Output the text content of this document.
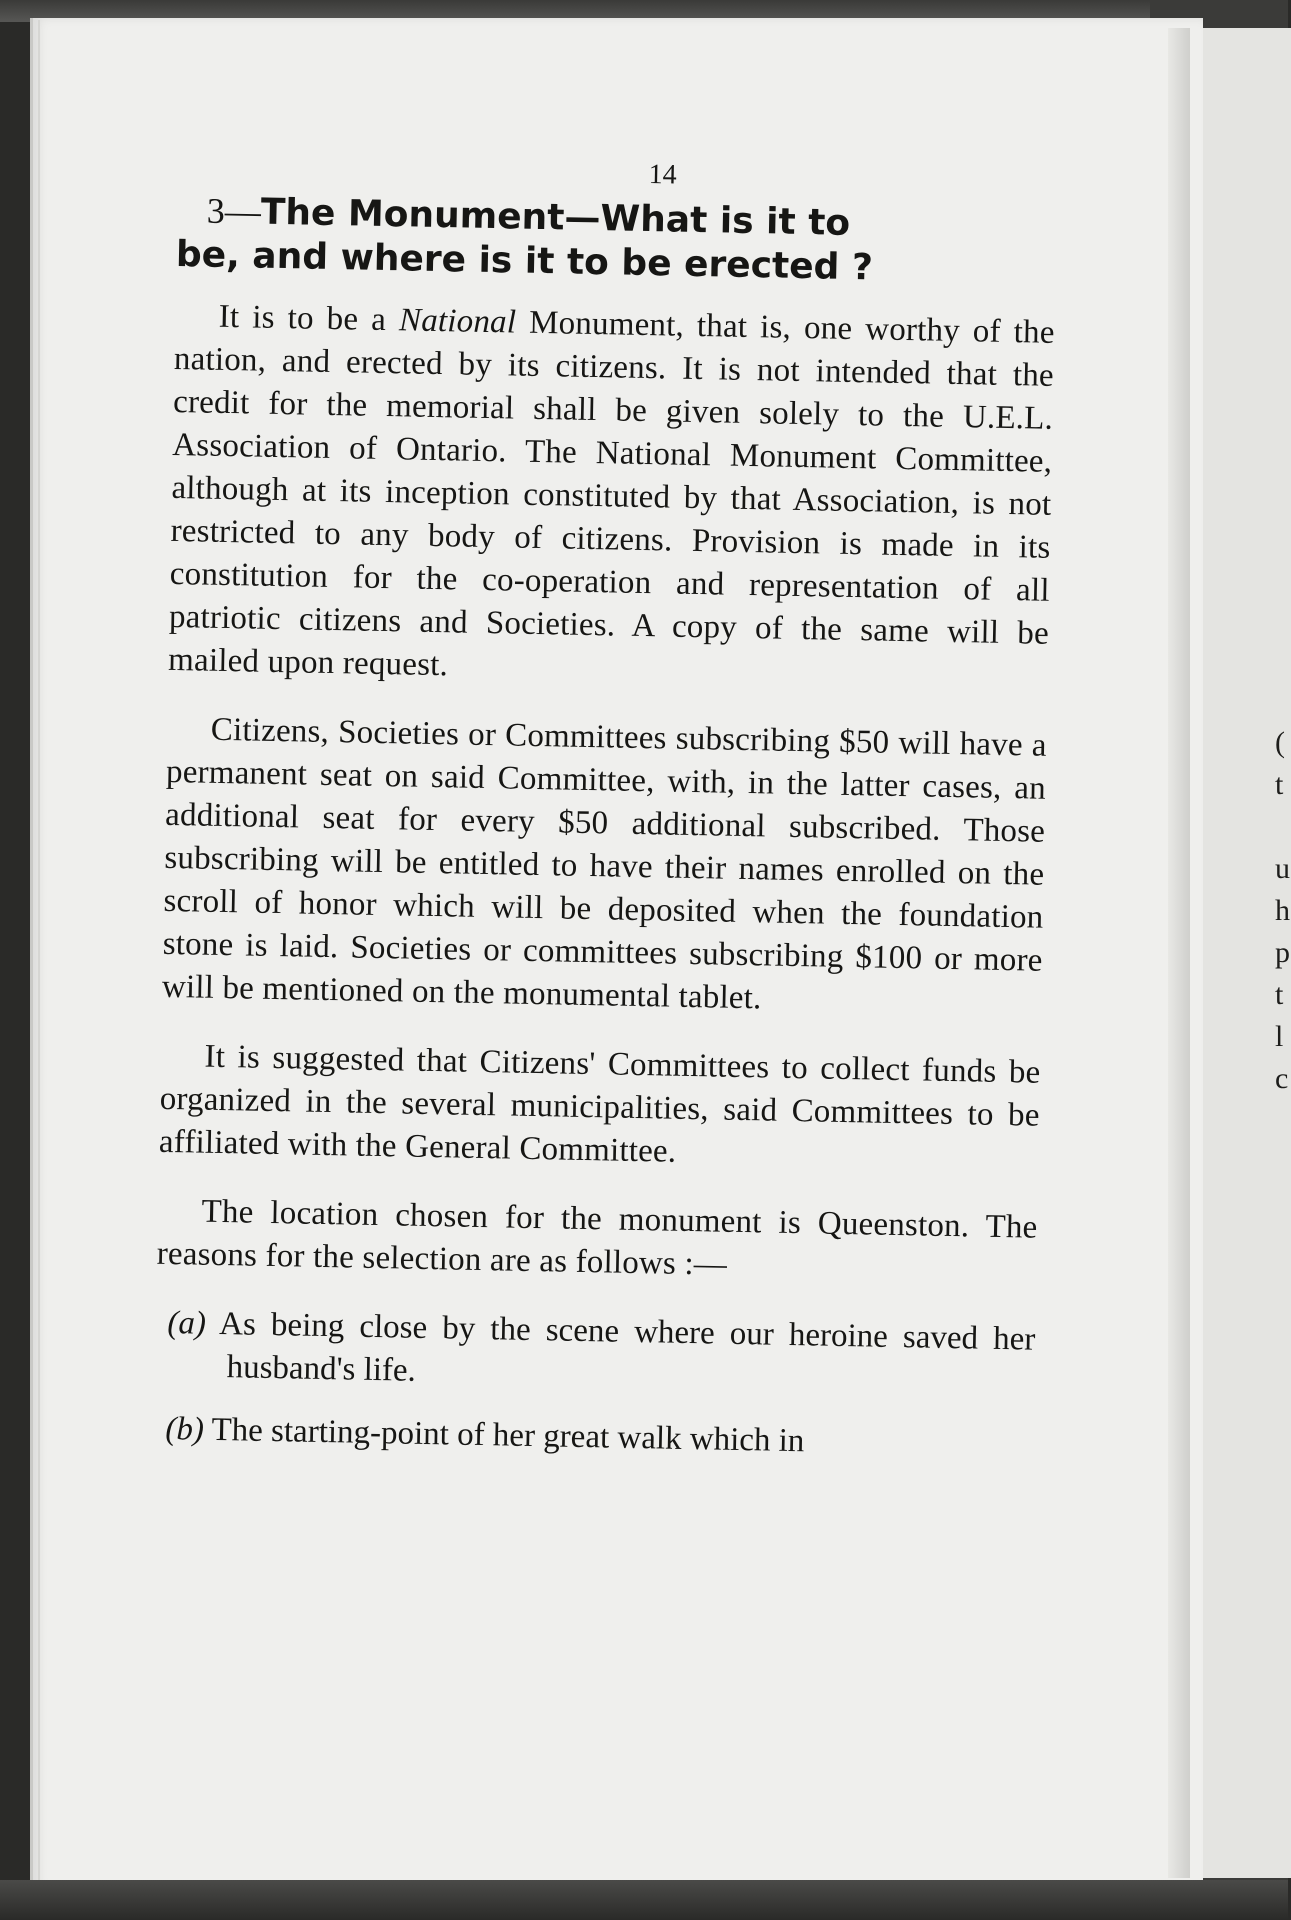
(
t
u
h
p
t
l
c
14
3—The Monument—What is it to
be, and where is it to be erected ?

It is to be a National Monument, that is, one worthy of the nation, and erected by its citizens. It is not intended that the credit for the memorial shall be given solely to the U.E.L. Association of Ontario. The National Monument Committee, although at its inception constituted by that Association, is not restricted to any body of citizens. Provision is made in its constitution for the co-operation and representation of all patriotic citizens and Societies. A copy of the same will be mailed upon request.

Citizens, Societies or Committees subscribing $50 will have a permanent seat on said Committee, with, in the latter cases, an additional seat for every $50 additional subscribed. Those subscribing will be entitled to have their names enrolled on the scroll of honor which will be deposited when the foundation stone is laid. Societies or committees subscribing $100 or more will be mentioned on the monumental tablet.

It is suggested that Citizens' Committees to collect funds be organized in the several municipalities, said Committees to be affiliated with the General Committee.

The location chosen for the monument is Queenston. The reasons for the selection are as follows :—

(a) As being close by the scene where our heroine saved her husband's life.
(b) The starting-point of her great walk which in
